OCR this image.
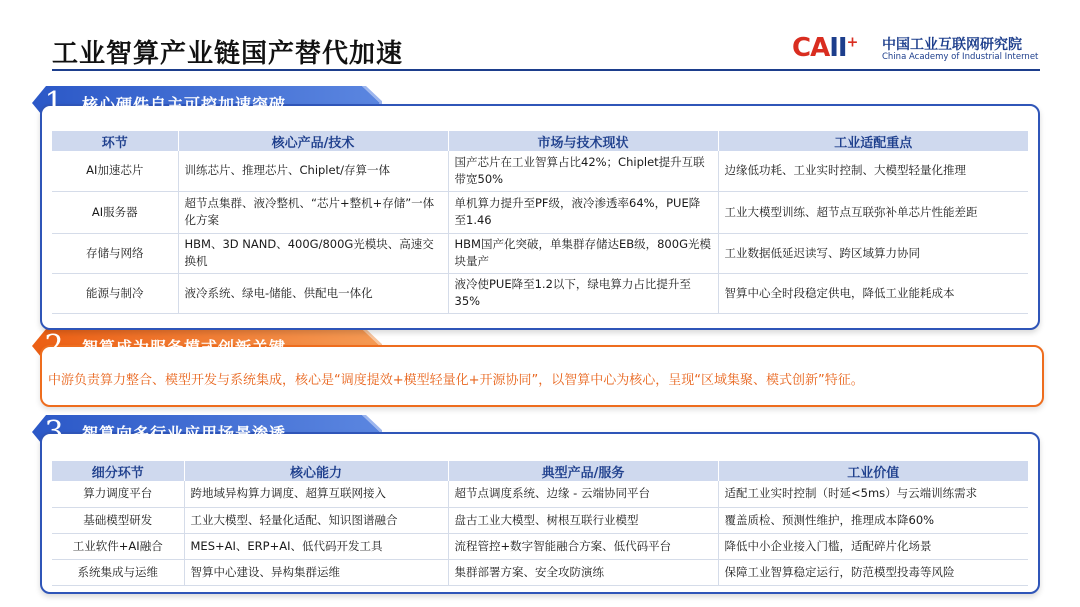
工业智算产业链国产替代加速	CAII+ 中国工业互联网研究院
China Academy of Industrial Internet
1	核心硬件自主可控加速突破
环节	核心产品/技术	市场与技术现状	工业适配重点
AI加速芯片	训练芯片、推理芯片、Chiplet/存算一体	国产芯片在工业智算占比42%；Chiplet提升互联带宽50%	边缘低功耗、工业实时控制、大模型轻量化推理
AI服务器	超节点集群、液冷整机、“芯片+整机+存储”一体化方案	单机算力提升至PF级，液冷渗透率64%，PUE降至1.46	工业大模型训练、超节点互联弥补单芯片性能差距
存储与网络	HBM、3D NAND、400G/800G光模块、高速交换机	HBM国产化突破，单集群存储达EB级，800G光模块量产	工业数据低延迟读写、跨区域算力协同
能源与制冷	液冷系统、绿电-储能、供配电一体化	液冷使PUE降至1.2以下，绿电算力占比提升至35%	智算中心全时段稳定供电，降低工业能耗成本
2	智算成为服务模式创新关键
中游负责算力整合、模型开发与系统集成，核心是“调度提效+模型轻量化+开源协同”，以智算中心为核心，呈现“区域集聚、模式创新”特征。
3	智算向多行业应用场景渗透
细分环节	核心能力	典型产品/服务	工业价值
算力调度平台	跨地域异构算力调度、超算互联网接入	超节点调度系统、边缘 - 云端协同平台	适配工业实时控制（时延<5ms）与云端训练需求
基础模型研发	工业大模型、轻量化适配、知识图谱融合	盘古工业大模型、树根互联行业模型	覆盖质检、预测性维护，推理成本降60%
工业软件+AI融合	MES+AI、ERP+AI、低代码开发工具	流程管控+数字智能融合方案、低代码平台	降低中小企业接入门槛，适配碎片化场景
系统集成与运维	智算中心建设、异构集群运维	集群部署方案、安全攻防演练	保障工业智算稳定运行，防范模型投毒等风险
